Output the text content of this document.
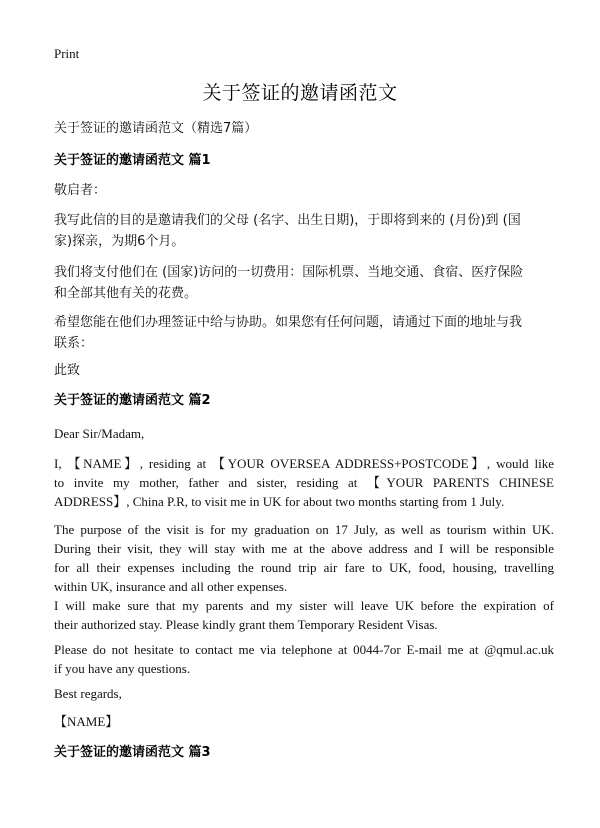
Print
关于签证的邀请函范文
关于签证的邀请函范文（精选7篇）
关于签证的邀请函范文 篇1
敬启者：
我写此信的目的是邀请我们的父母 (名字、出生日期)，于即将到来的 (月份)到 (国
家)探亲，为期6个月。
我们将支付他们在 (国家)访问的一切费用：国际机票、当地交通、食宿、医疗保险
和全部其他有关的花费。
希望您能在他们办理签证中给与协助。如果您有任何问题，请通过下面的地址与我
联系：
此致
关于签证的邀请函范文 篇2
Dear Sir/Madam,
I, 【NAME】, residing at 【YOUR OVERSEA ADDRESS+POSTCODE】, would like
to invite my mother, father and sister, residing at 【YOUR PARENTS CHINESE
ADDRESS】, China P.R, to visit me in UK for about two months starting from 1 July.
The purpose of the visit is for my graduation on 17 July, as well as tourism within UK.
During their visit, they will stay with me at the above address and I will be responsible
for all their expenses including the round trip air fare to UK, food, housing, travelling
within UK, insurance and all other expenses.
I will make sure that my parents and my sister will leave UK before the expiration of
their authorized stay. Please kindly grant them Temporary Resident Visas.
Please do not hesitate to contact me via telephone at 0044-7or E-mail me at @qmul.ac.uk
if you have any questions.
Best regards,
【NAME】
关于签证的邀请函范文 篇3
